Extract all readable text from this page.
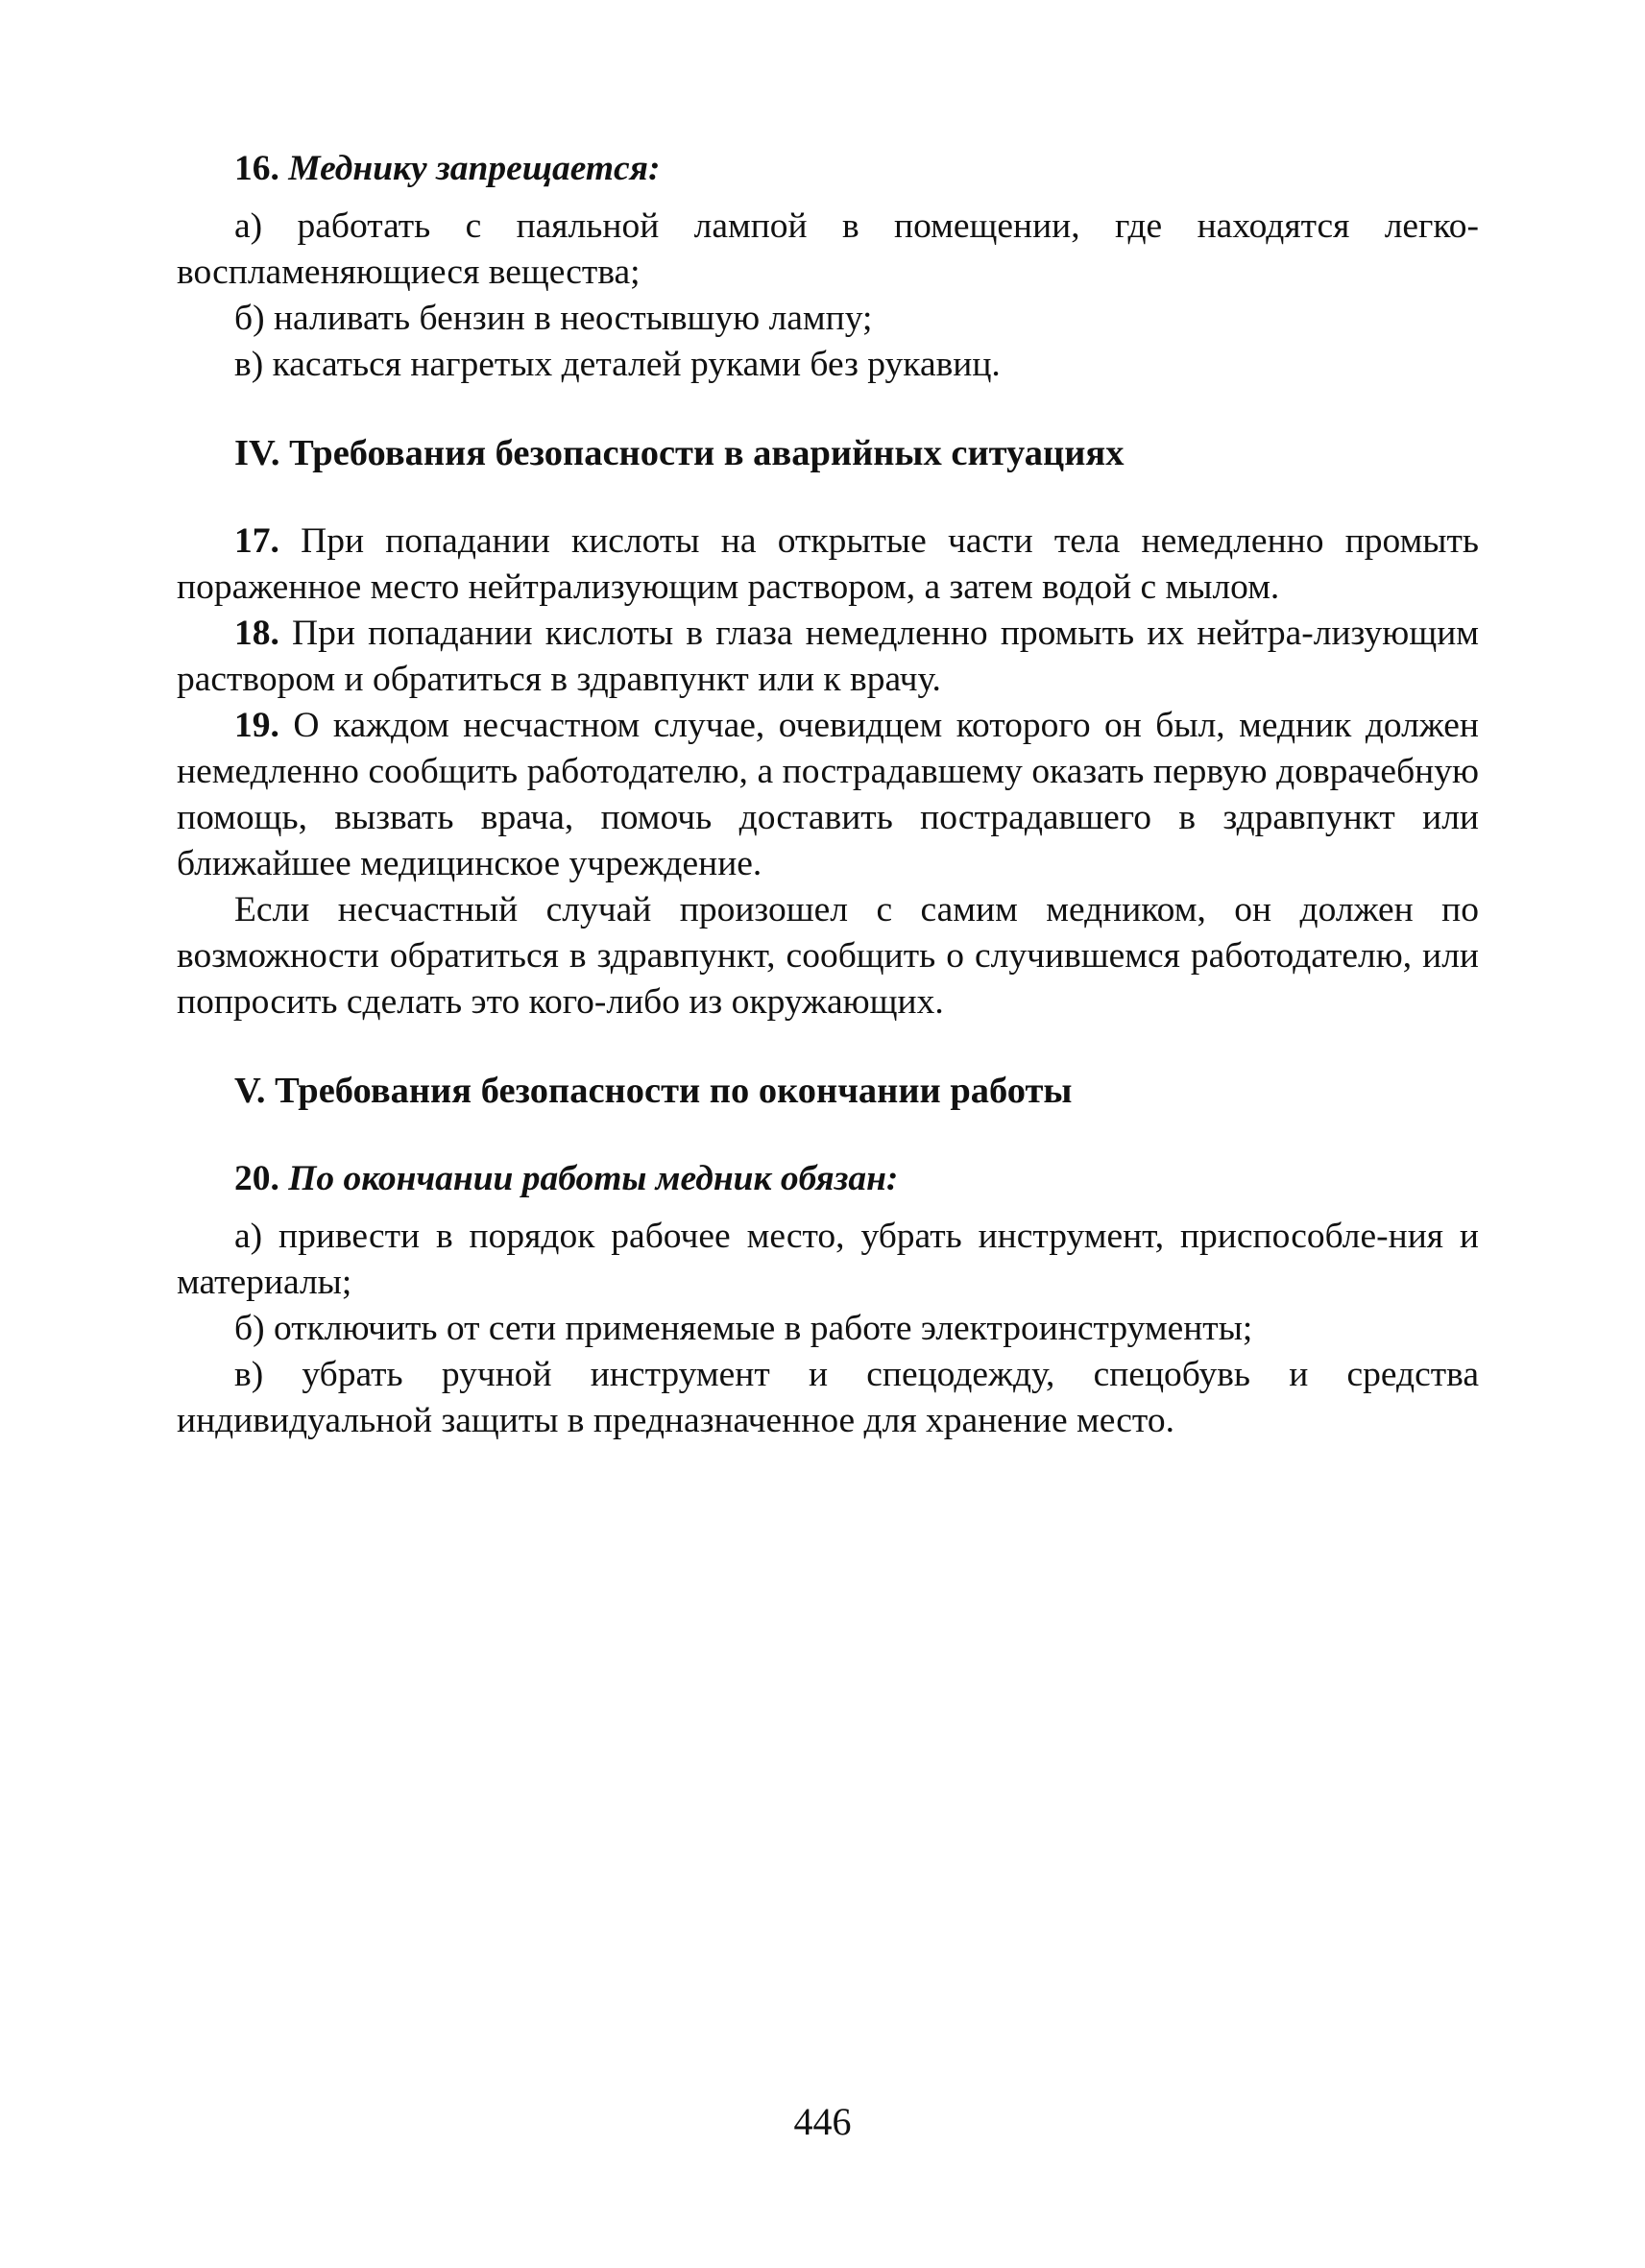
16. Меднику запрещается:

а) работать с паяльной лампой в помещении, где находятся легко-воспламеняющиеся вещества;

б) наливать бензин в неостывшую лампу;

в) касаться нагретых деталей руками без рукавиц.

IV. Требования безопасности в аварийных ситуациях

17. При попадании кислоты на открытые части тела немедленно промыть пораженное место нейтрализующим раствором, а затем водой с мылом.

18. При попадании кислоты в глаза немедленно промыть их нейтра-лизующим раствором и обратиться в здравпункт или к врачу.

19. О каждом несчастном случае, очевидцем которого он был, медник должен немедленно сообщить работодателю, а пострадавшему оказать первую доврачебную помощь, вызвать врача, помочь доставить пострадавшего в здравпункт или ближайшее медицинское учреждение.

Если несчастный случай произошел с самим медником, он должен по возможности обратиться в здравпункт, сообщить о случившемся работодателю, или попросить сделать это кого-либо из окружающих.

V. Требования безопасности по окончании работы
20. По окончании работы медник обязан:

а) привести в порядок рабочее место, убрать инструмент, приспособле-ния и материалы;

б) отключить от сети применяемые в работе электроинструменты;

в) убрать ручной инструмент и спецодежду, спецобувь и средства индивидуальной защиты в предназначенное для хранение место.

446
